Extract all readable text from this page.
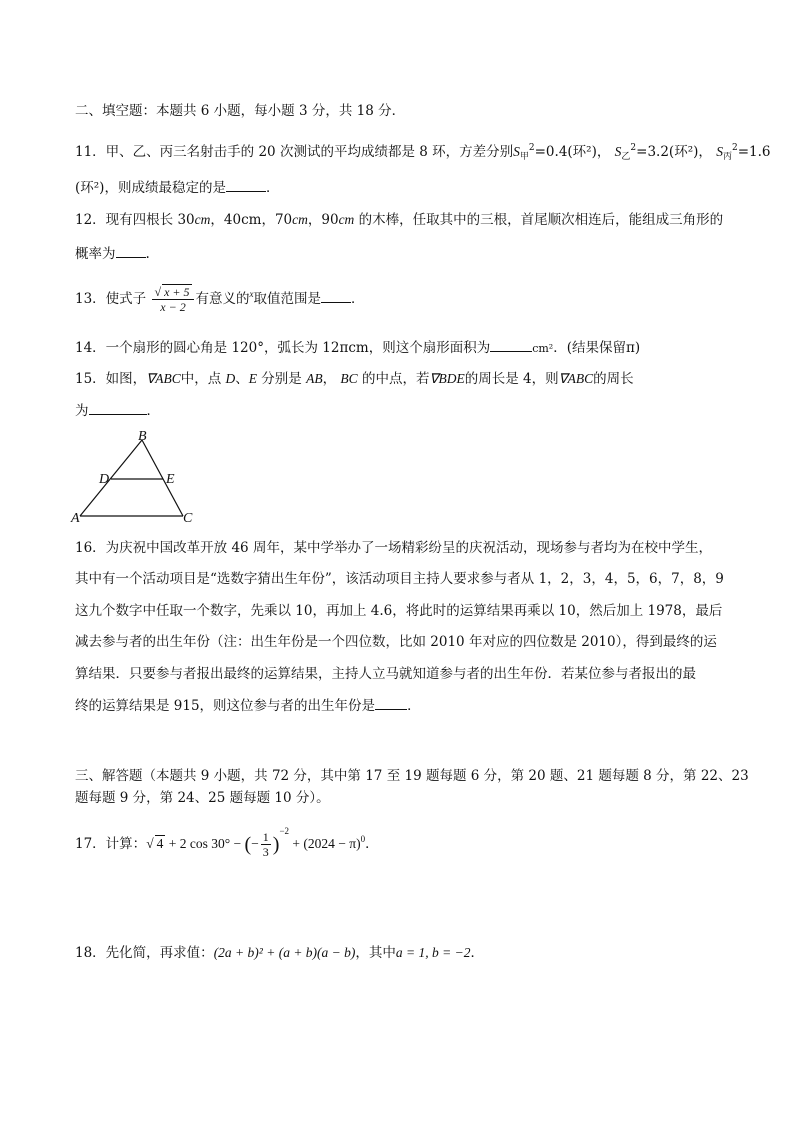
二、填空题：本题共 6 小题，每小题 3 分，共 18 分．
11．甲、乙、丙三名射击手的 20 次测试的平均成绩都是 8 环，方差分别$S_甲^2=0.4$(环²)， $S_乙^2=3.2$(环²)， $S_丙^2=1.6$
(环²)，则成绩最稳定的是	．
12．现有四根长 30cm，40cm，70cm，90cm 的木棒，任取其中的三根，首尾顺次相连后，能组成三角形的
概率为 .
13．使式子 $\frac{√ x + 5}{x - 2}$ 有意义的$^x$取值范围是 ．
14．一个扇形的圆心角是 120°，弧长为 12πcm，则这个扇形面积为	cm²．(结果保留π)
15．如图，∇ABC中，点 D、E 分别是 AB， BC 的中点，若∇BDE的周长是 4，则∇ABC的周长
为	．
B
D	E
A	C
16．为庆祝中国改革开放 46 周年，某中学举办了一场精彩纷呈的庆祝活动，现场参与者均为在校中学生，
其中有一个活动项目是“选数字猜出生年份”，该活动项目主持人要求参与者从 1，2，3，4，5，6，7，8，9
这九个数字中任取一个数字，先乘以 10，再加上 4.6，将此时的运算结果再乘以 10，然后加上 1978，最后
减去参与者的出生年份（注：出生年份是一个四位数，比如 2010 年对应的四位数是 2010），得到最终的运
算结果．只要参与者报出最终的运算结果，主持人立马就知道参与者的出生年份．若某位参与者报出的最
终的运算结果是 915，则这位参与者的出生年份是 ．
三、解答题（本题共 9 小题，共 72 分，其中第 17 至 19 题每题 6 分，第 20 题、21 题每题 8 分，第 22、23
题每题 9 分，第 24、25 题每题 10 分）。
17．计算：√ 4 + 2 cos 30° − (− $\frac{1}{3} )^{-2} + (2024 - \pi)^0$．
18．先化简，再求值：(2a + b)² + (a + b)(a − b)，其中a = 1, b = −2．
